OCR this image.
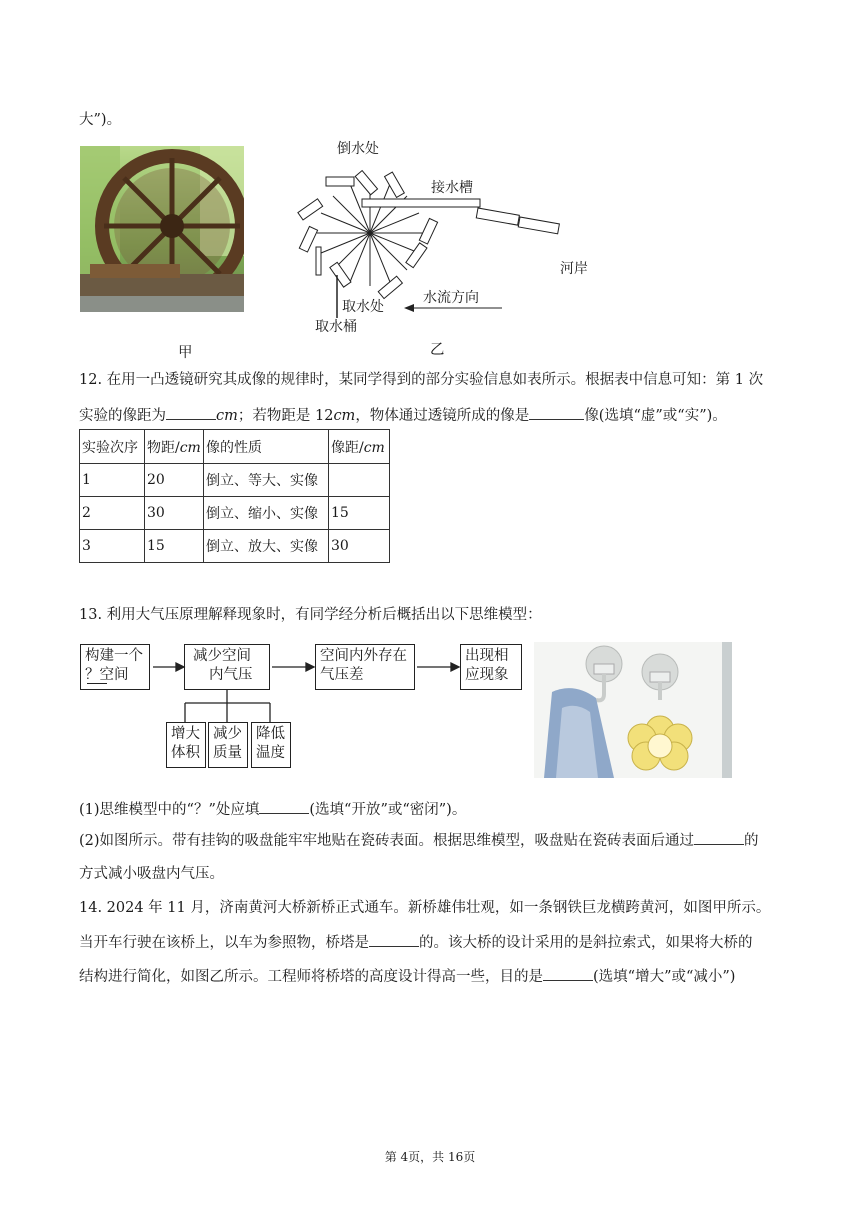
大”)。
甲
倒水处
接水槽
河岸
取水处
水流方向
取水桶
乙
12. 在用一凸透镜研究其成像的规律时，某同学得到的部分实验信息如表所示。根据表中信息可知：第 1 次
实验的像距为	cm；若物距是 12cm，物体通过透镜所成的像是	像(选填“虚”或“实”)。
实验次序	物距/cm	像的性质	像距/cm
1	20	倒立、等大、实像	
2	30	倒立、缩小、实像	15
3	15	倒立、放大、实像	30
13. 利用大气压原理解释现象时，有同学经分析后概括出以下思维模型：
构建一个
？空间
减少空间
内气压
空间内外存在
气压差
出现相
应现象
增大
体积
减少
质量
降低
温度
(1)思维模型中的“？”处应填	(选填“开放”或“密闭”)。
(2)如图所示。带有挂钩的吸盘能牢牢地贴在瓷砖表面。根据思维模型，吸盘贴在瓷砖表面后通过	的
方式减小吸盘内气压。
14. 2024 年 11 月，济南黄河大桥新桥正式通车。新桥雄伟壮观，如一条钢铁巨龙横跨黄河，如图甲所示。
当开车行驶在该桥上，以车为参照物，桥塔是	的。该大桥的设计采用的是斜拉索式，如果将大桥的
结构进行简化，如图乙所示。工程师将桥塔的高度设计得高一些，目的是	(选填“增大”或“减小”)
第 4页，共 16页
